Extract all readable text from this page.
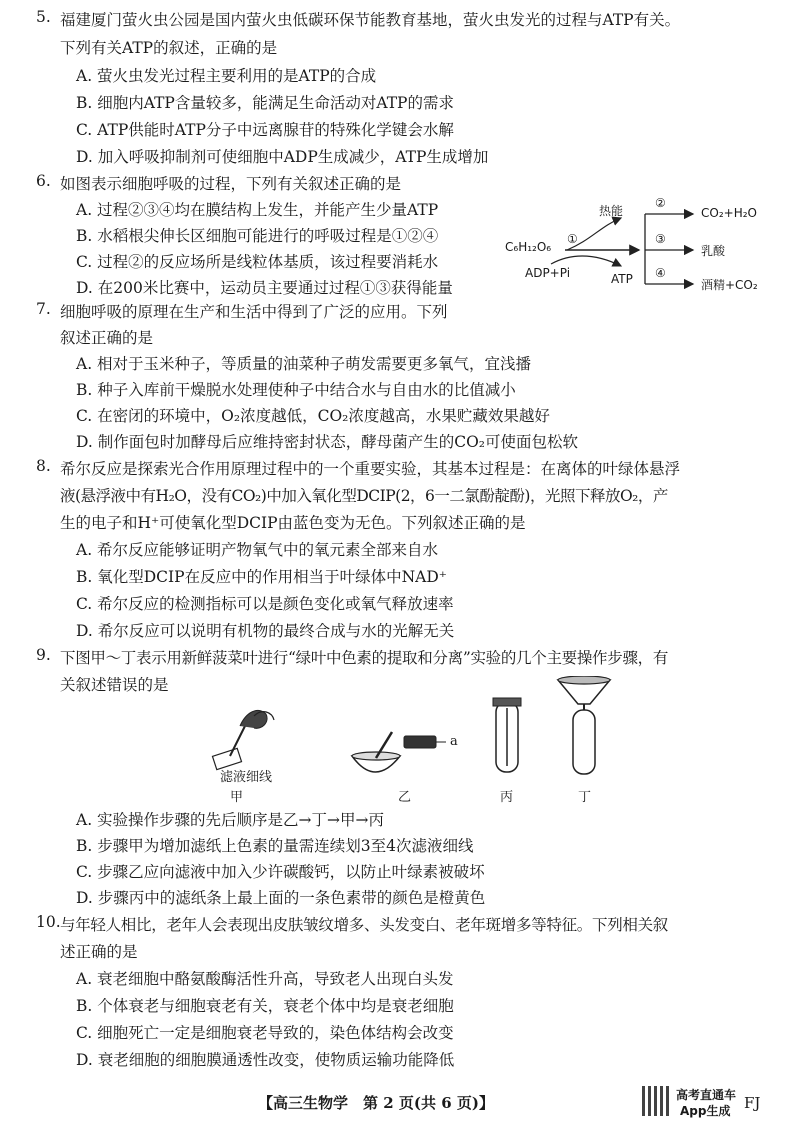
5. 福建厦门萤火虫公园是国内萤火虫低碳环保节能教育基地，萤火虫发光的过程与ATP有关。
下列有关ATP的叙述，正确的是
A. 萤火虫发光过程主要利用的是ATP的合成
B. 细胞内ATP含量较多，能满足生命活动对ATP的需求
C. ATP供能时ATP分子中远离腺苷的特殊化学键会水解
D. 加入呼吸抑制剂可使细胞中ADP生成减少，ATP生成增加
6. 如图表示细胞呼吸的过程，下列有关叙述正确的是
A. 过程②③④均在膜结构上发生，并能产生少量ATP
B. 水稻根尖伸长区细胞可能进行的呼吸过程是①②④
C. 过程②的反应场所是线粒体基质，该过程要消耗水
D. 在200米比赛中，运动员主要通过过程①③获得能量
C₆H₁₂O₆
①
热能
ADP+Pi	ATP
②
③
④
CO₂+H₂O
乳酸
酒精+CO₂
7. 细胞呼吸的原理在生产和生活中得到了广泛的应用。下列
叙述正确的是
A. 相对于玉米种子，等质量的油菜种子萌发需要更多氧气，宜浅播
B. 种子入库前干燥脱水处理使种子中结合水与自由水的比值减小
C. 在密闭的环境中，O₂浓度越低，CO₂浓度越高，水果贮藏效果越好
D. 制作面包时加酵母后应维持密封状态，酵母菌产生的CO₂可使面包松软
8. 希尔反应是探索光合作用原理过程中的一个重要实验，其基本过程是：在离体的叶绿体悬浮
液(悬浮液中有H₂O，没有CO₂)中加入氧化型DCIP(2，6一二氯酚靛酚)，光照下释放O₂，产
生的电子和H⁺可使氧化型DCIP由蓝色变为无色。下列叙述正确的是
A. 希尔反应能够证明产物氧气中的氧元素全部来自水
B. 氧化型DCIP在反应中的作用相当于叶绿体中NAD⁺
C. 希尔反应的检测指标可以是颜色变化或氧气释放速率
D. 希尔反应可以说明有机物的最终合成与水的光解无关
9. 下图甲～丁表示用新鲜菠菜叶进行“绿叶中色素的提取和分离”实验的几个主要操作步骤，有
关叙述错误的是
滤液细线
a
甲	乙	丙	丁
A. 实验操作步骤的先后顺序是乙→丁→甲→丙
B. 步骤甲为增加滤纸上色素的量需连续划3至4次滤液细线
C. 步骤乙应向滤液中加入少许碳酸钙，以防止叶绿素被破坏
D. 步骤丙中的滤纸条上最上面的一条色素带的颜色是橙黄色
10. 与年轻人相比，老年人会表现出皮肤皱纹增多、头发变白、老年斑增多等特征。下列相关叙
述正确的是
A. 衰老细胞中酪氨酸酶活性升高，导致老人出现白头发
B. 个体衰老与细胞衰老有关，衰老个体中均是衰老细胞
C. 细胞死亡一定是细胞衰老导致的，染色体结构会改变
D. 衰老细胞的细胞膜通透性改变，使物质运输功能降低
【高三生物学　第 2 页(共 6 页)】	高考直通车
App生成 FJ
